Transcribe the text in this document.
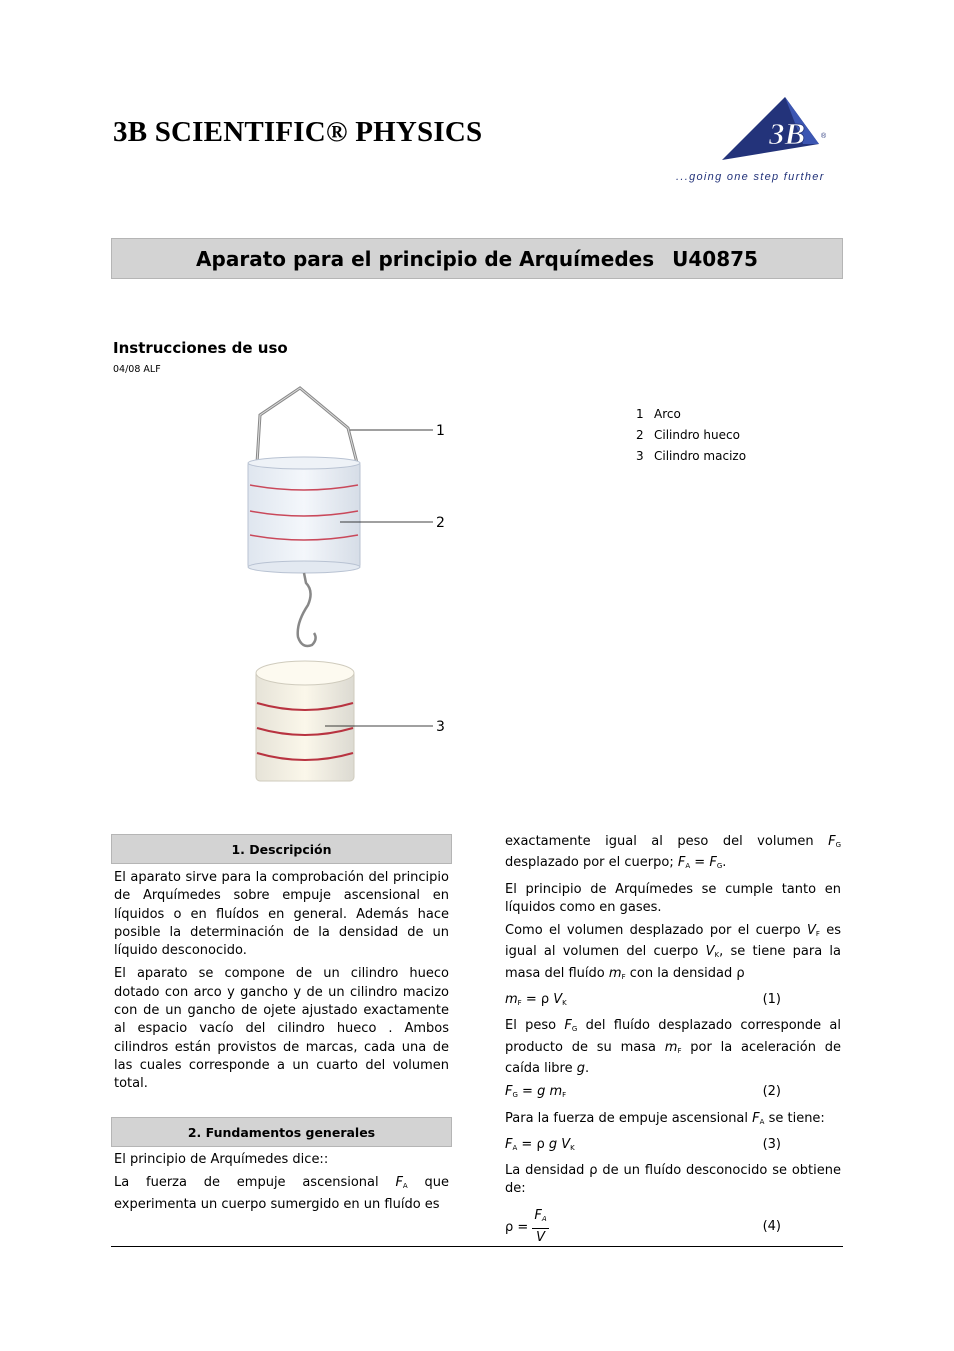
3B SCIENTIFIC® PHYSICS	3B ®
...going one step further
Aparato para el principio de Arquímedes U40875
Instrucciones de uso
04/08 ALF
1
2
3
1 Arco
2 Cilindro hueco
3 Cilindro macizo
1. Descripción

El aparato sirve para la comprobación del principio de Arquímedes sobre empuje ascensional en líquidos o en fluídos en general. Además hace posible la determinación de la densidad de un líquido desconocido.

El aparato se compone de un cilindro hueco dotado con arco y gancho y de un cilindro macizo con de un gancho de ojete ajustado exactamente al espacio vacío del cilindro hueco . Ambos cilindros están provistos de marcas, cada una de las cuales corresponde a un cuarto del volumen total.

2. Fundamentos generales

El principio de Arquímedes dice::

La fuerza de empuje ascensional $F_A$ que experimenta un cuerpo sumergido en un fluído es

exactamente igual al peso del volumen $F_G$ desplazado por el cuerpo; $F_A = F_G$.

El principio de Arquímedes se cumple tanto en líquidos como en gases.

Como el volumen desplazado por el cuerpo $V_F$ es igual al volumen del cuerpo $V_K$, se tiene para la masa del fluído $m_F$ con la densidad ρ

$m_F = \rho$ $V_K$	(1)

El peso $F_G$ del fluído desplazado corresponde al producto de su masa $m_F$ por la aceleración de caída libre g.

$F_G = g$ $m_F$	(2)

Para la fuerza de empuje ascensional $F_A$ se tiene:

$F_A = \rho$ g $V_K$	(3)

La densidad ρ de un fluído desconocido se obtiene de:

$\rho = \frac{F_A}{V}$	(4)
